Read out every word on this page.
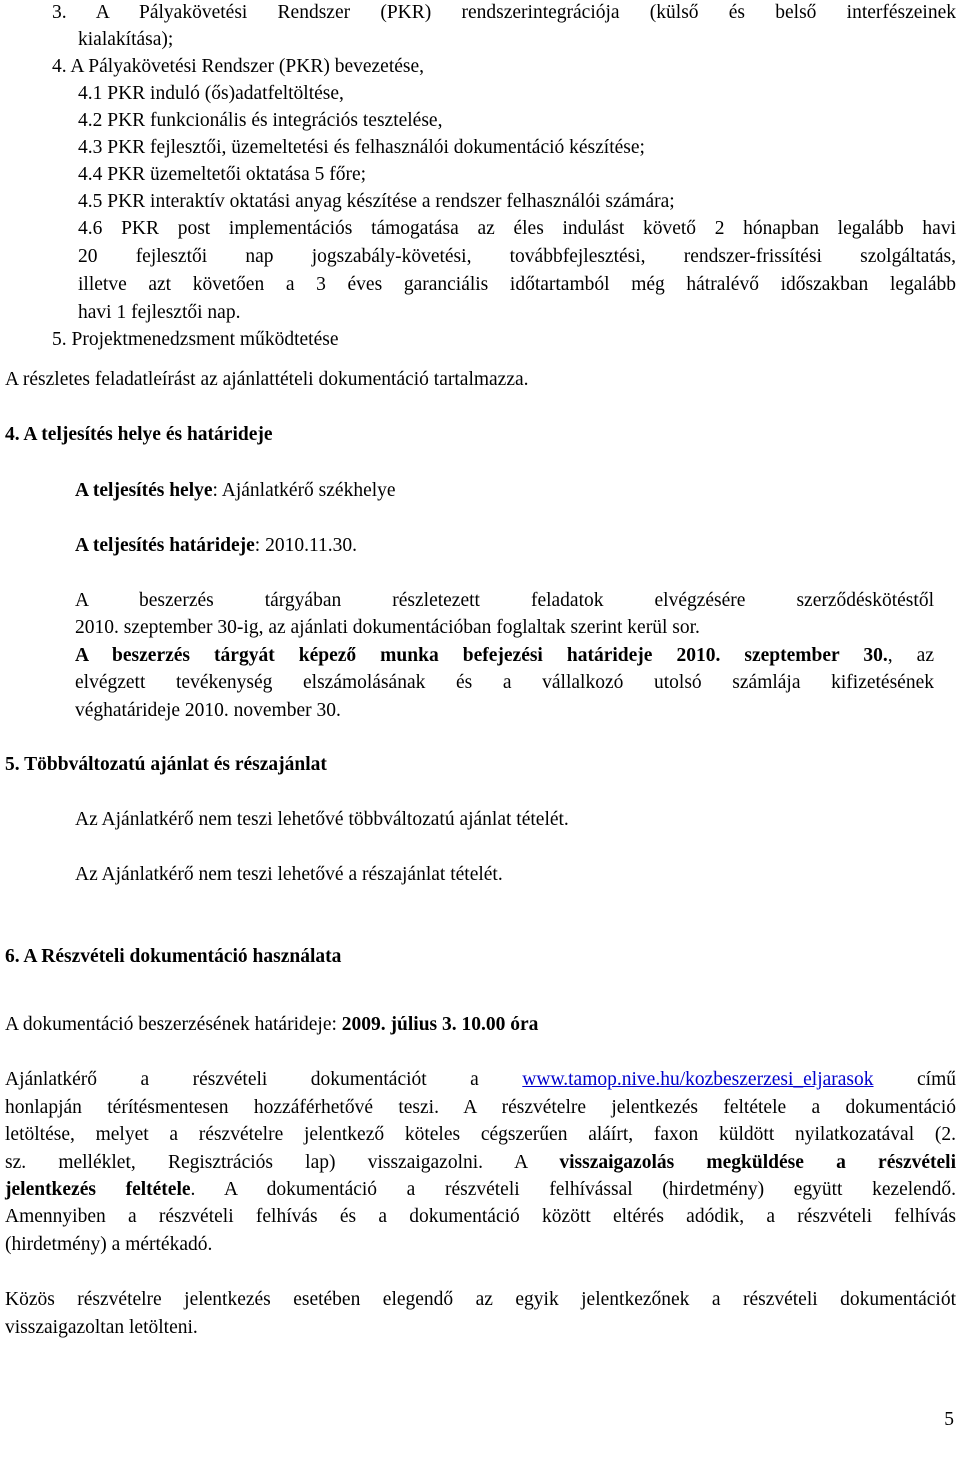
3. A Pályakövetési Rendszer (PKR) rendszerintegrációja (külső és belső interfészeinek

kialakítása);

4. A Pályakövetési Rendszer (PKR) bevezetése,

4.1 PKR induló (ős)adatfeltöltése,

4.2 PKR funkcionális és integrációs tesztelése,

4.3 PKR fejlesztői, üzemeltetési és felhasználói dokumentáció készítése;

4.4 PKR üzemeltetői oktatása 5 főre;

4.5 PKR interaktív oktatási anyag készítése a rendszer felhasználói számára;

4.6 PKR post implementációs támogatása az éles indulást követő 2 hónapban legalább havi

20 fejlesztői nap jogszabály-követési, továbbfejlesztési, rendszer-frissítési szolgáltatás,

illetve azt követően a 3 éves garanciális időtartamból még hátralévő időszakban legalább

havi 1 fejlesztői nap.

5. Projektmenedzsment működtetése

A részletes feladatleírást az ajánlattételi dokumentáció tartalmazza.

4. A teljesítés helye és határideje

A teljesítés helye: Ajánlatkérő székhelye

A teljesítés határideje: 2010.11.30.

A beszerzés tárgyában részletezett feladatok elvégzésére szerződéskötéstől

2010. szeptember 30-ig, az ajánlati dokumentációban foglaltak szerint kerül sor.

A beszerzés tárgyát képező munka befejezési határideje 2010. szeptember 30., az

elvégzett tevékenység elszámolásának és a vállalkozó utolsó számlája kifizetésének

véghatárideje 2010. november 30.

5. Többváltozatú ajánlat és részajánlat

Az Ajánlatkérő nem teszi lehetővé többváltozatú ajánlat tételét.

Az Ajánlatkérő nem teszi lehetővé a részajánlat tételét.

6. A Részvételi dokumentáció használata

A dokumentáció beszerzésének határideje: 2009. július 3. 10.00 óra

Ajánlatkérő a részvételi dokumentációt a www.tamop.nive.hu/kozbeszerzesi_eljarasok című

honlapján térítésmentesen hozzáférhetővé teszi. A részvételre jelentkezés feltétele a dokumentáció

letöltése, melyet a részvételre jelentkező köteles cégszerűen aláírt, faxon küldött nyilatkozatával (2.

sz. melléklet, Regisztrációs lap) visszaigazolni. A visszaigazolás megküldése a részvételi

jelentkezés feltétele. A dokumentáció a részvételi felhívással (hirdetmény) együtt kezelendő.

Amennyiben a részvételi felhívás és a dokumentáció között eltérés adódik, a részvételi felhívás

(hirdetmény) a mértékadó.

Közös részvételre jelentkezés esetében elegendő az egyik jelentkezőnek a részvételi dokumentációt

visszaigazoltan letölteni.

5
